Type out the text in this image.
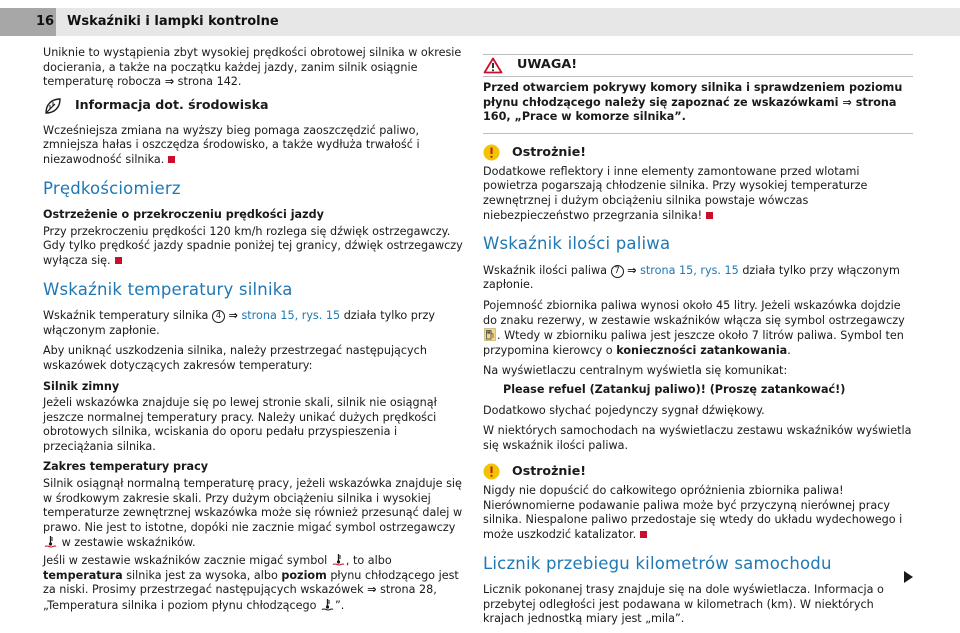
16 Wskaźniki i lampki kontrolne
Uniknie to wystąpienia zbyt wysokiej prędkości obrotowej silnika w okresie docierania, a także na początku każdej jazdy, zanim silnik osiągnie temperaturę robocza ⇒ strona 142.
Informacja dot. środowiska
Wcześniejsza zmiana na wyższy bieg pomaga zaoszczędzić paliwo, zmniejsza hałas i oszczędza środowisko, a także wydłuża trwałość i niezawodność silnika.
Prędkościomierz
Ostrzeżenie o przekroczeniu prędkości jazdy
Przy przekroczeniu prędkości 120 km/h rozlega się dźwięk ostrzegawczy. Gdy tylko prędkość jazdy spadnie poniżej tej granicy, dźwięk ostrzegawczy wyłącza się.
Wskaźnik temperatury silnika
Wskaźnik temperatury silnika 4 ⇒ strona 15, rys. 15 działa tylko przy włączonym zapłonie.
Aby uniknąć uszkodzenia silnika, należy przestrzegać następujących wskazówek dotyczących zakresów temperatury:
Silnik zimny
Jeżeli wskazówka znajduje się po lewej stronie skali, silnik nie osiągnął jeszcze normalnej temperatury pracy. Należy unikać dużych prędkości obrotowych silnika, wciskania do oporu pedału przyspieszenia i przeciążania silnika.
Zakres temperatury pracy
Silnik osiągnął normalną temperaturę pracy, jeżeli wskazówka znajduje się w środkowym zakresie skali. Przy dużym obciążeniu silnika i wysokiej temperaturze zewnętrznej wskazówka może się również przesunąć dalej w prawo. Nie jest to istotne, dopóki nie zacznie migać symbol ostrzegawczy  w zestawie wskaźników.
Jeśli w zestawie wskaźników zacznie migać symbol , to albo temperatura silnika jest za wysoka, albo poziom płynu chłodzącego jest za niski. Prosimy przestrzegać następujących wskazówek ⇒ strona 28, „Temperatura silnika i poziom płynu chłodzącego ”.
UWAGA!
Przed otwarciem pokrywy komory silnika i sprawdzeniem poziomu płynu chłodzącego należy się zapoznać ze wskazówkami ⇒ strona 160, „Prace w komorze silnika”.
Ostrożnie!
Dodatkowe reflektory i inne elementy zamontowane przed wlotami powietrza pogarszają chłodzenie silnika. Przy wysokiej temperaturze zewnętrznej i dużym obciążeniu silnika powstaje wówczas niebezpieczeństwo przegrzania silnika!
Wskaźnik ilości paliwa
Wskaźnik ilości paliwa 7 ⇒ strona 15, rys. 15 działa tylko przy włączonym zapłonie.
Pojemność zbiornika paliwa wynosi około 45 litry. Jeżeli wskazówka dojdzie do znaku rezerwy, w zestawie wskaźników włącza się symbol ostrzegawczy . Wtedy w zbiorniku paliwa jest jeszcze około 7 litrów paliwa. Symbol ten przypomina kierowcy o konieczności zatankowania.
Na wyświetlaczu centralnym wyświetla się komunikat:
Please refuel (Zatankuj paliwo)! (Proszę zatankować!)
Dodatkowo słychać pojedynczy sygnał dźwiękowy.
W niektórych samochodach na wyświetlaczu zestawu wskaźników wyświetla się wskaźnik ilości paliwa.
Ostrożnie!
Nigdy nie dopuścić do całkowitego opróżnienia zbiornika paliwa! Nierównomierne podawanie paliwa może być przyczyną nierównej pracy silnika. Niespalone paliwo przedostaje się wtedy do układu wydechowego i może uszkodzić katalizator.
Licznik przebiegu kilometrów samochodu
Licznik pokonanej trasy znajduje się na dole wyświetlacza. Informacja o przebytej odległości jest podawana w kilometrach (km). W niektórych krajach jednostką miary jest „mila”.
